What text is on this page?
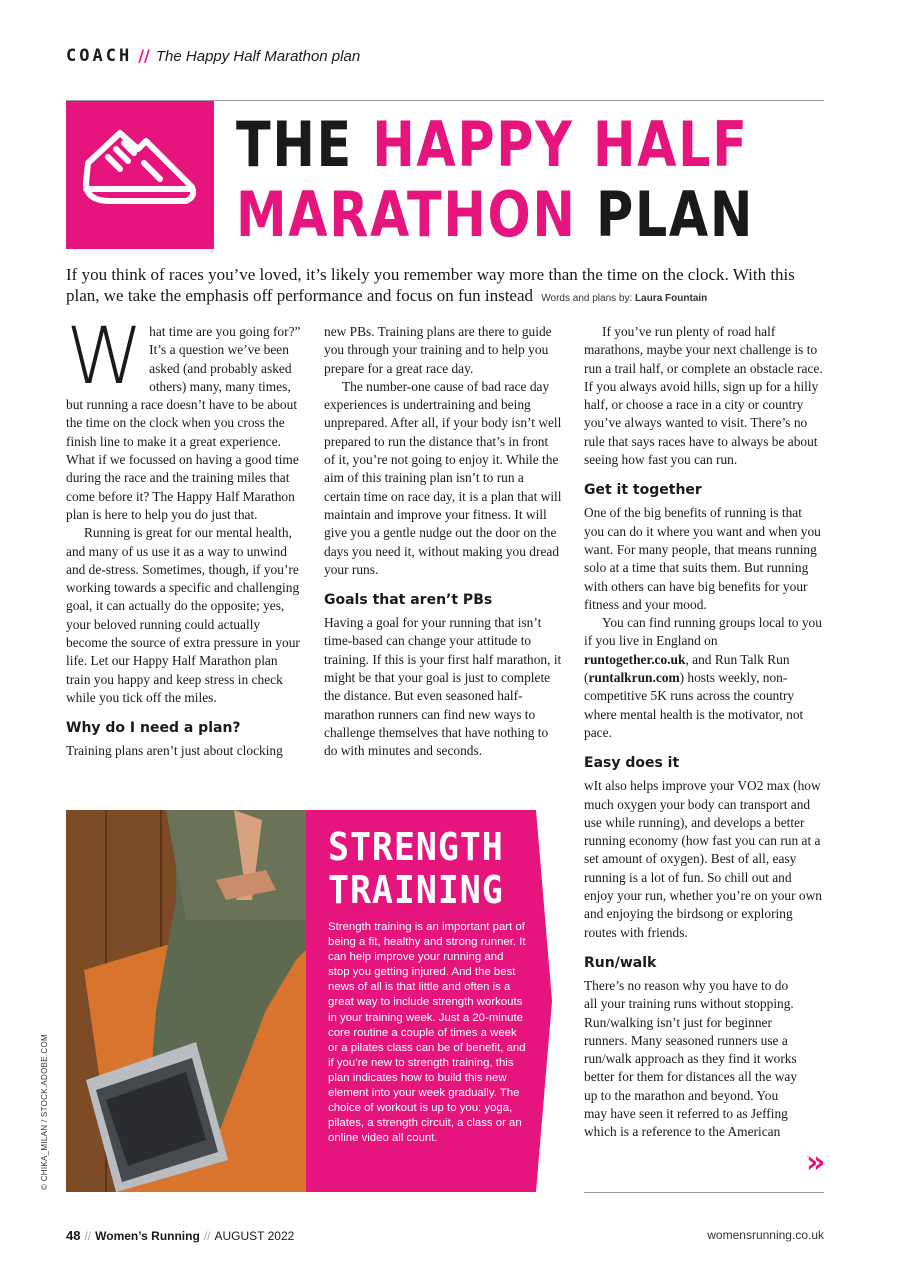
COACH // The Happy Half Marathon plan
THE HAPPY HALF
MARATHON PLAN
If you think of races you’ve loved, it’s likely you remember way more than the time on the clock. With this plan, we take the emphasis off performance and focus on fun instead Words and plans by: Laura Fountain

What time are you going for?” It’s a question we’ve been asked (and probably asked others) many, many times, but running a race doesn’t have to be about the time on the clock when you cross the finish line to make it a great experience. What if we focussed on having a good time during the race and the training miles that come before it? The Happy Half Marathon plan is here to help you do just that.

Running is great for our mental health, and many of us use it as a way to unwind and de-stress. Sometimes, though, if you’re working towards a specific and challenging goal, it can actually do the opposite; yes, your beloved running could actually become the source of extra pressure in your life. Let our Happy Half Marathon plan train you happy and keep stress in check while you tick off the miles.

Why do I need a plan?

Training plans aren’t just about clocking

new PBs. Training plans are there to guide you through your training and to help you prepare for a great race day.

The number-one cause of bad race day experiences is undertraining and being unprepared. After all, if your body isn’t well prepared to run the distance that’s in front of it, you’re not going to enjoy it. While the aim of this training plan isn’t to run a certain time on race day, it is a plan that will maintain and improve your fitness. It will give you a gentle nudge out the door on the days you need it, without making you dread your runs.

Goals that aren’t PBs

Having a goal for your running that isn’t time-based can change your attitude to training. If this is your first half marathon, it might be that your goal is just to complete the distance. But even seasoned half-marathon runners can find new ways to challenge themselves that have nothing to do with minutes and seconds.

If you’ve run plenty of road half marathons, maybe your next challenge is to run a trail half, or complete an obstacle race. If you always avoid hills, sign up for a hilly half, or choose a race in a city or country you’ve always wanted to visit. There’s no rule that says races have to always be about seeing how fast you can run.

Get it together

One of the big benefits of running is that you can do it where you want and when you want. For many people, that means running solo at a time that suits them. But running with others can have big benefits for your fitness and your mood.

You can find running groups local to you if you live in England on runtogether.co.uk, and Run Talk Run (runtalkrun.com) hosts weekly, non-competitive 5K runs across the country where mental health is the motivator, not pace.

Easy does it

wIt also helps improve your VO2 max (how much oxygen your body can transport and use while running), and develops a better running economy (how fast you can run at a set amount of oxygen). Best of all, easy running is a lot of fun. So chill out and enjoy your run, whether you’re on your own and enjoying the birdsong or exploring routes with friends.

Run/walk

There’s no reason why you have to do all your training runs without stopping. Run/walking isn’t just for beginner runners. Many seasoned runners use a run/walk approach as they find it works better for them for distances all the way up to the marathon and beyond. You may have seen it referred to as Jeffing which is a reference to the American

»
© CHIKA_MILAN / STOCK.ADOBE.COM
STRENGTH
TRAINING
Strength training is an important part of being a fit, healthy and strong runner. It can help improve your running and stop you getting injured. And the best news of all is that little and often is a great way to include strength workouts in your training week. Just a 20-minute core routine a couple of times a week or a pilates class can be of benefit, and if you’re new to strength training, this plan indicates how to build this new element into your week gradually. The choice of workout is up to you: yoga, pilates, a strength circuit, a class or an online video all count.
48 // Women’s Running // AUGUST 2022	womensrunning.co.uk
